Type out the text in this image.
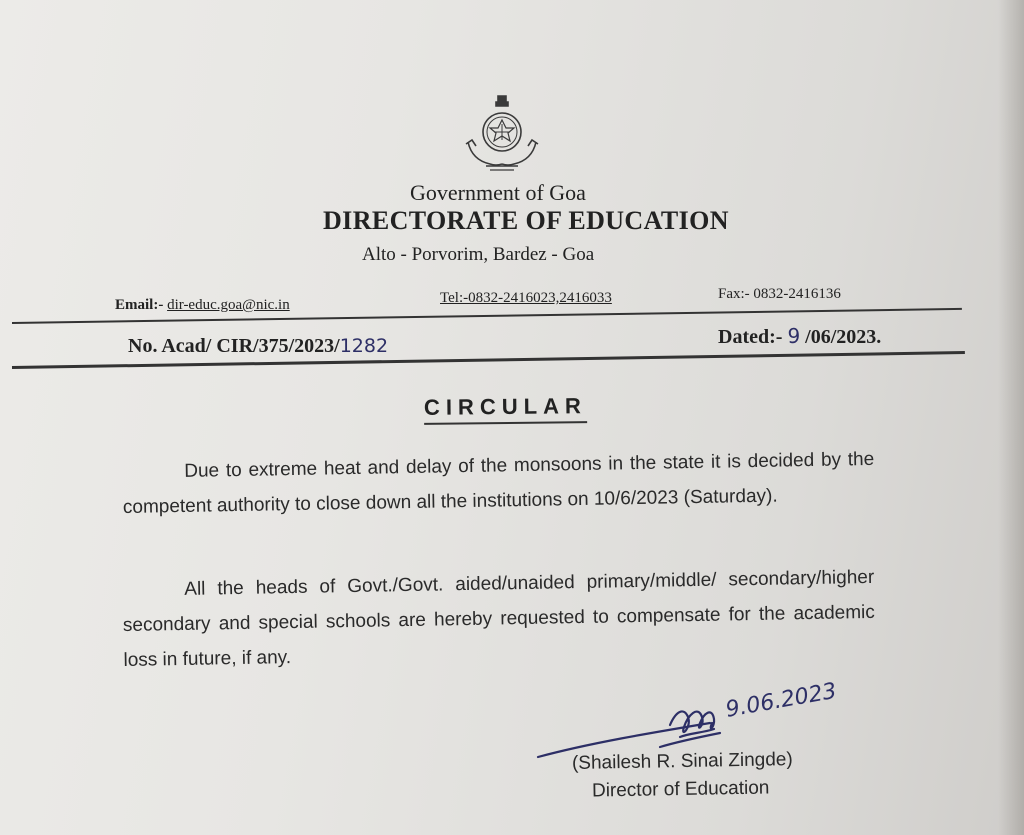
Government of Goa
DIRECTORATE OF EDUCATION
Alto - Porvorim, Bardez - Goa
Email:- dir-educ.goa@nic.in	Tel:-0832-2416023,2416033	Fax:- 0832-2416136
No. Acad/ CIR/375/2023/1282	Dated:- 9 /06/2023.
CIRCULAR
Due to extreme heat and delay of the monsoons in the state it is decided by the competent authority to close down all the institutions on 10/6/2023 (Saturday).
All the heads of Govt./Govt. aided/unaided primary/middle/ secondary/higher secondary and special schools are hereby requested to compensate for the academic loss in future, if any.
9.06.2023
(Shailesh R. Sinai Zingde)
Director of Education
